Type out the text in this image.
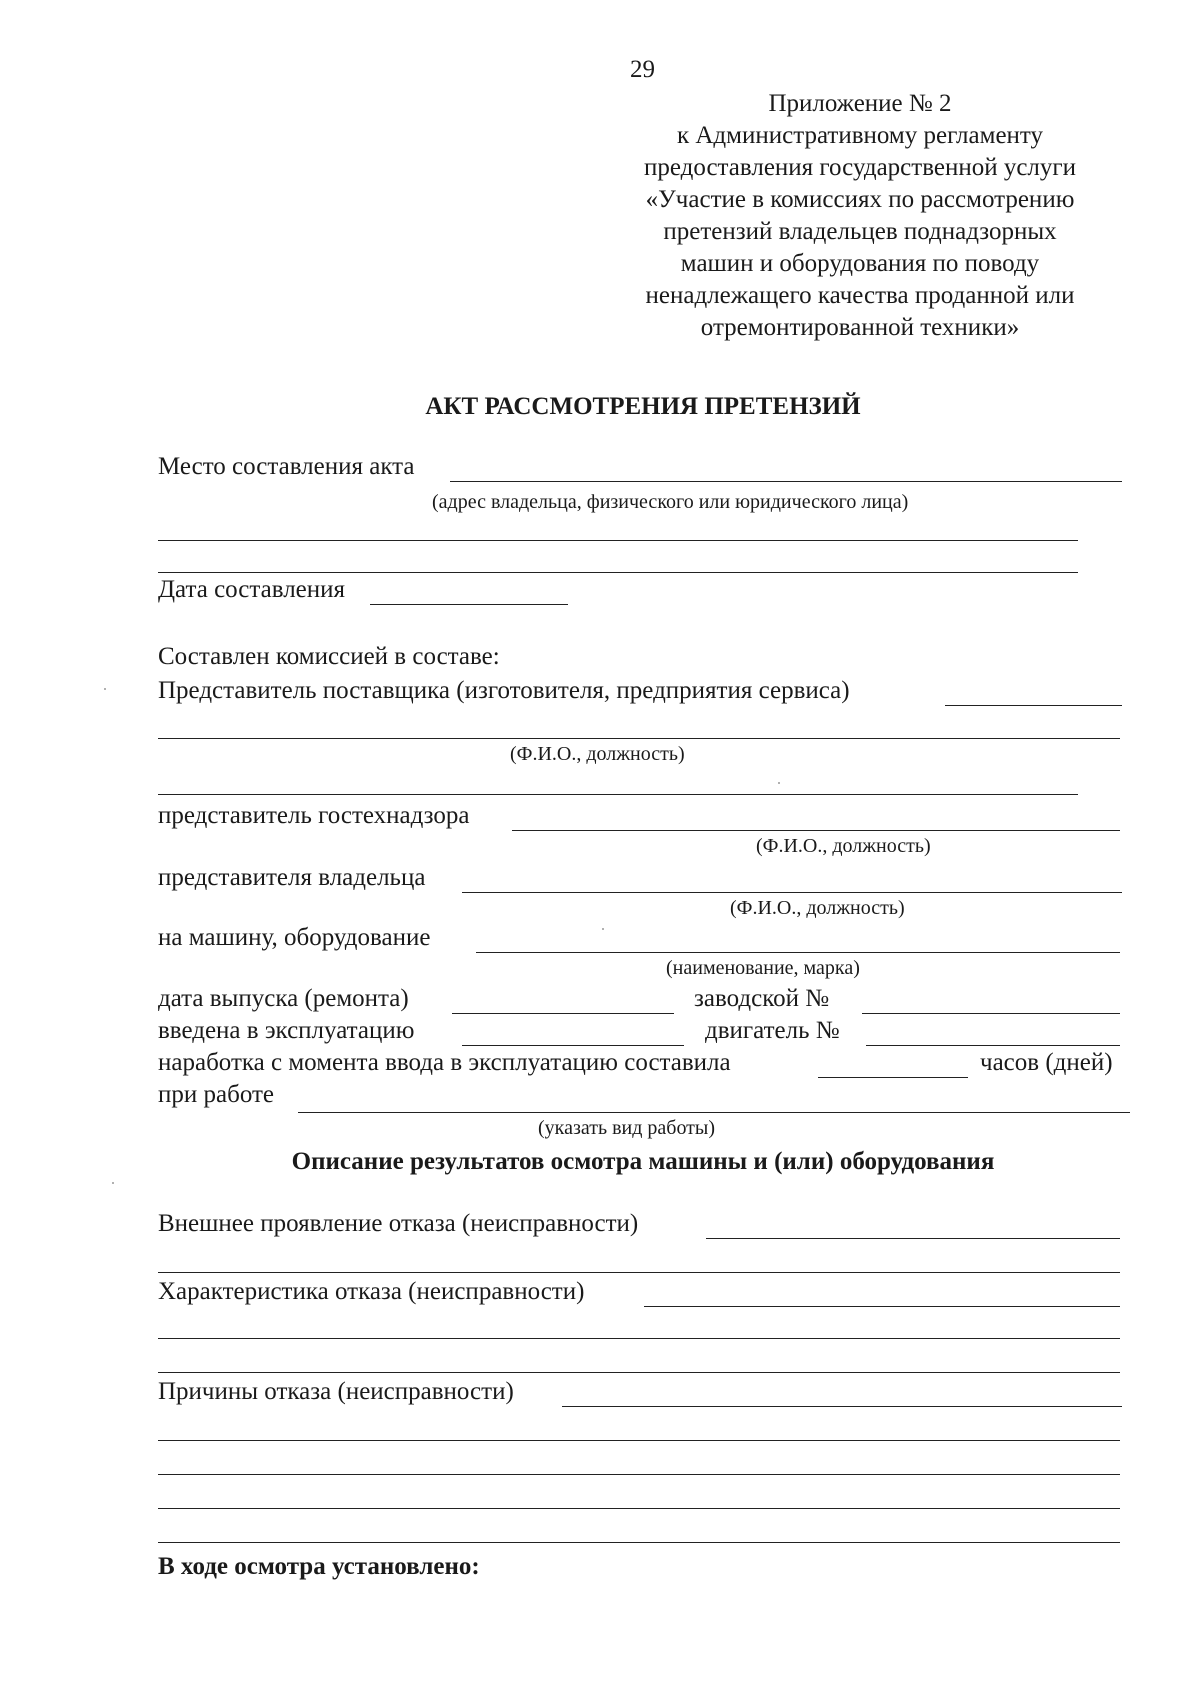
29
Приложение № 2
к Административному регламенту
предоставления государственной услуги
«Участие в комиссиях по рассмотрению
претензий владельцев поднадзорных
машин и оборудования по поводу
ненадлежащего качества проданной или
отремонтированной техники»
АКТ РАССМОТРЕНИЯ ПРЕТЕНЗИЙ
Место составления акта
(адрес владельца, физического или юридического лица)
Дата составления
Составлен комиссией в составе:
Представитель поставщика (изготовителя, предприятия сервиса)
(Ф.И.О., должность)
представитель гостехнадзора
(Ф.И.О., должность)
представителя владельца
(Ф.И.О., должность)
на машину, оборудование
(наименование, марка)
дата выпуска (ремонта)	заводской №
введена в эксплуатацию	двигатель №
наработка с момента ввода в эксплуатацию составила	часов (дней)
при работе
(указать вид работы)
Описание результатов осмотра машины и (или) оборудования
Внешнее проявление отказа (неисправности)
Характеристика отказа (неисправности)
Причины отказа (неисправности)
В ходе осмотра установлено:
